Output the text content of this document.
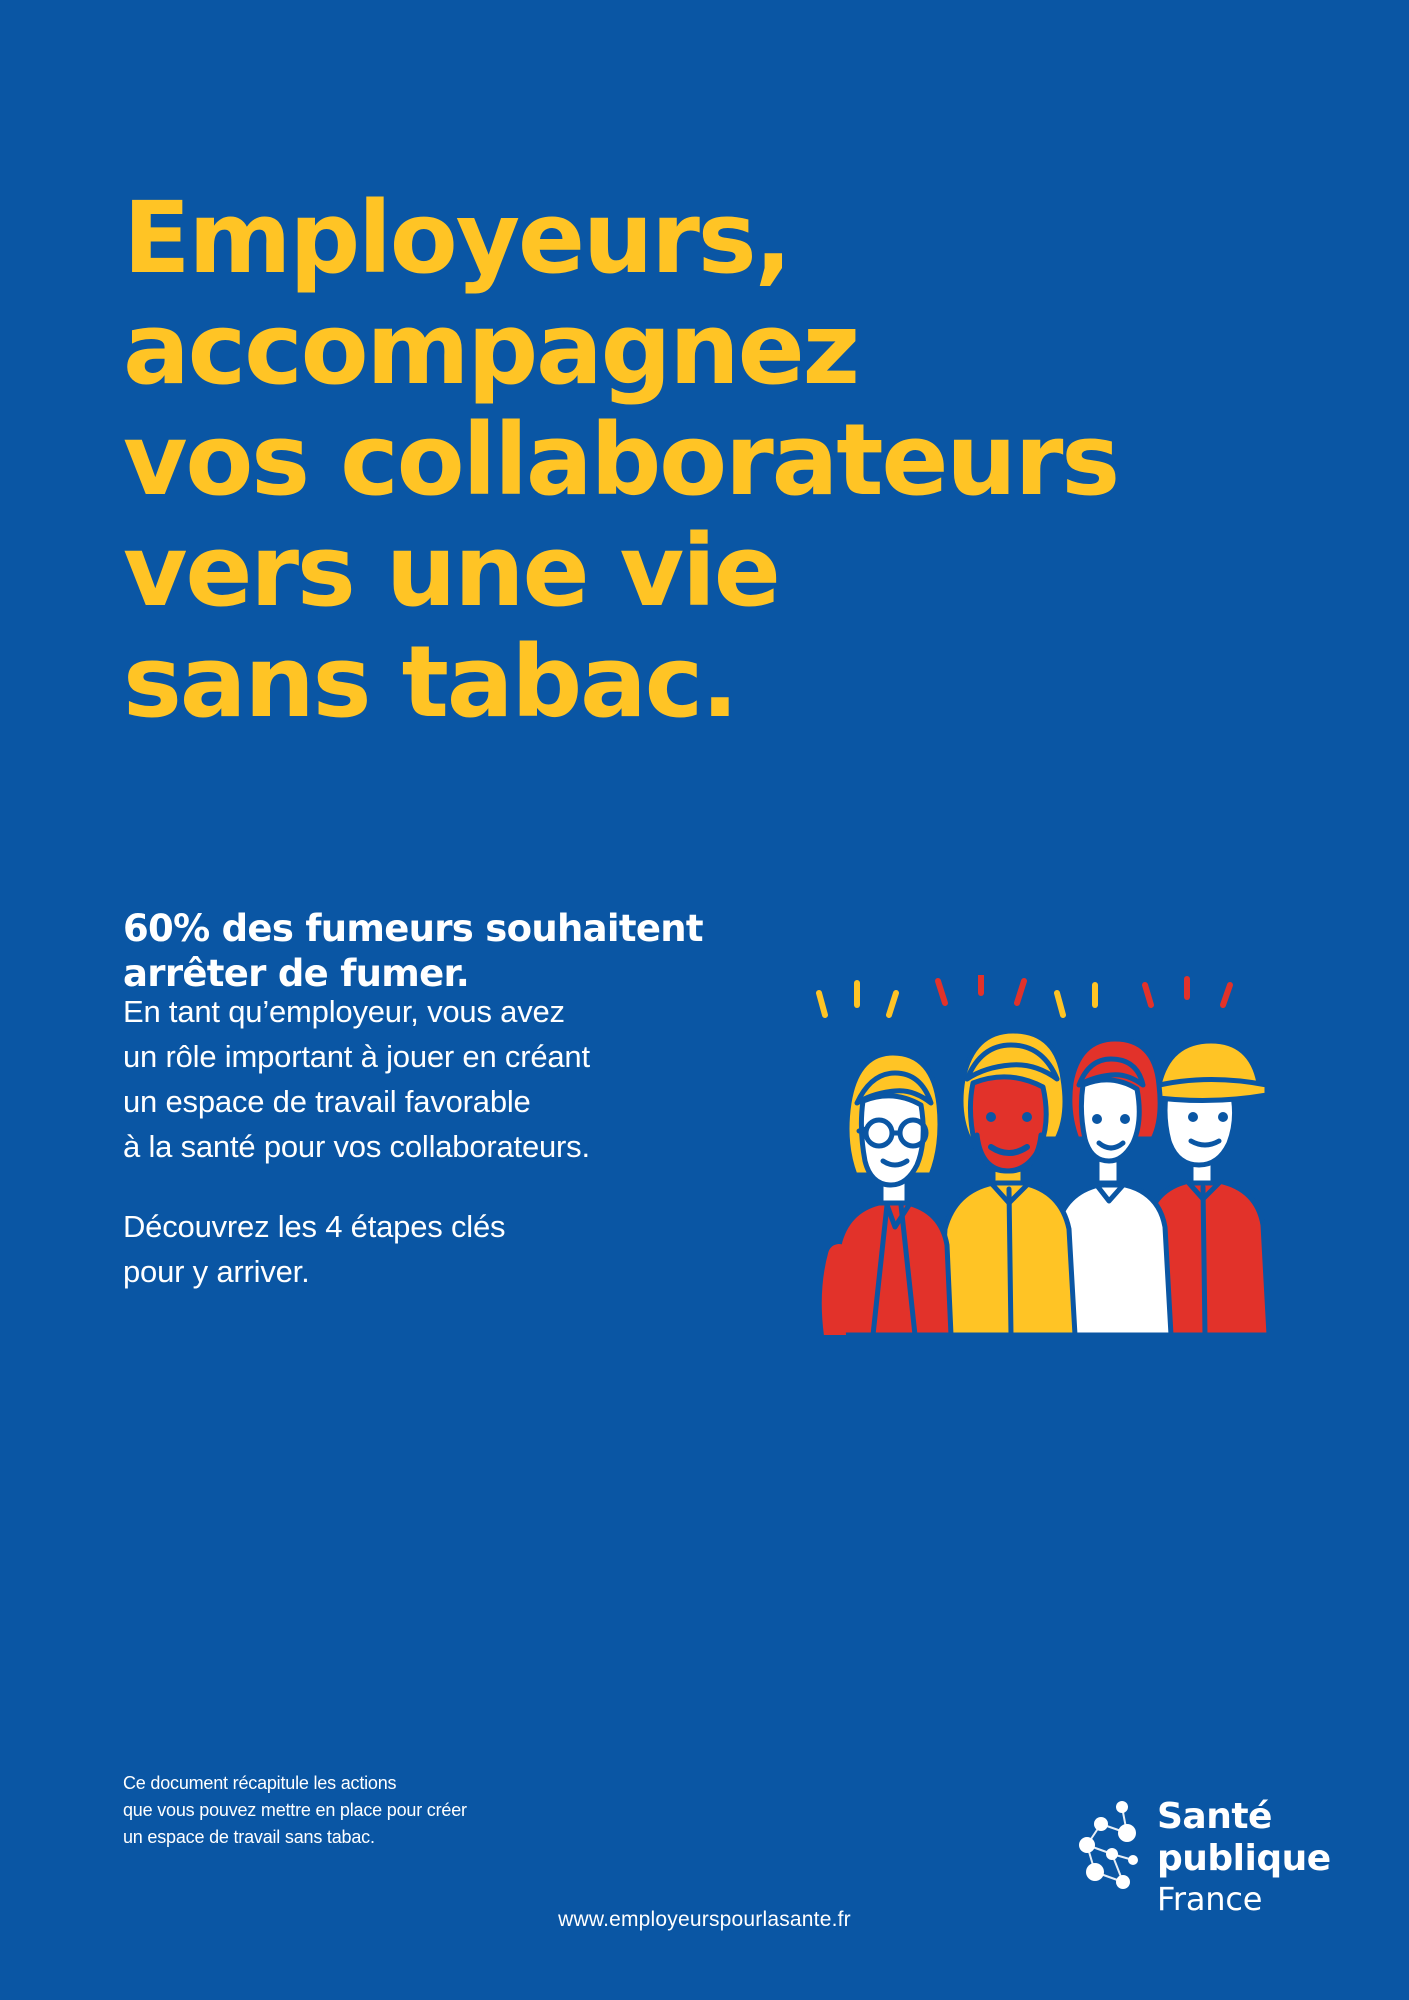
Employeurs,
accompagnez
vos collaborateurs
vers une vie
sans tabac.
60% des fumeurs souhaitent
arrêter de fumer.
En tant qu’employeur, vous avez
un rôle important à jouer en créant
un espace de travail favorable
à la santé pour vos collaborateurs.
Découvrez les 4 étapes clés
pour y arriver.
Ce document récapitule les actions
que vous pouvez mettre en place pour créer
un espace de travail sans tabac.
www.employeurspourlasante.fr
Santé
publique
France
